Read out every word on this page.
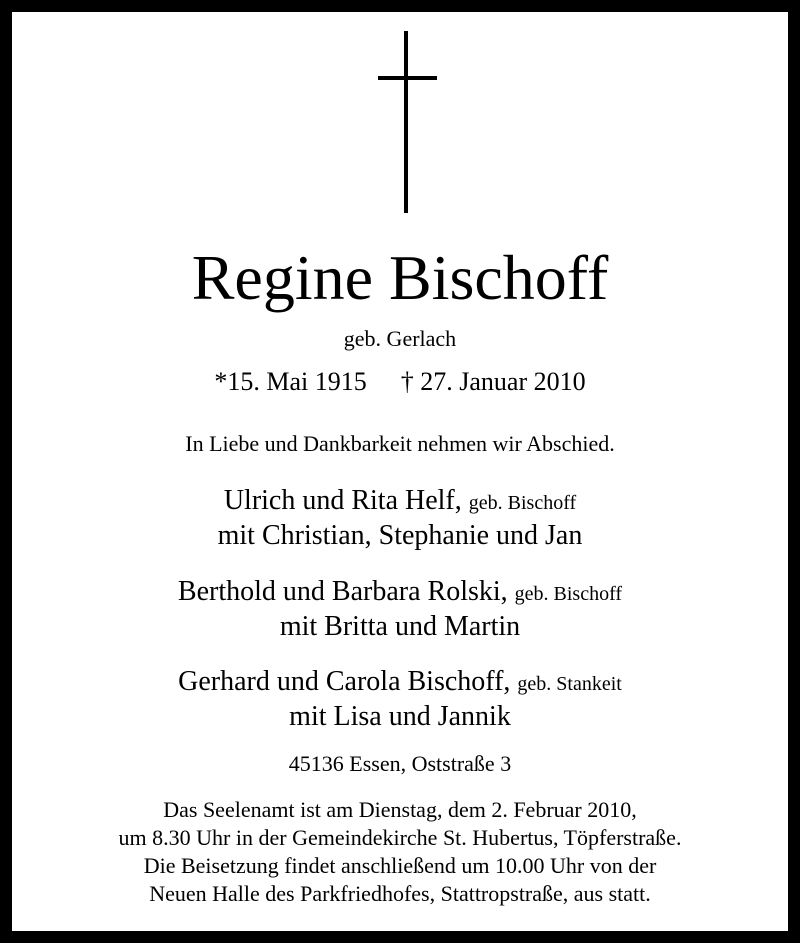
Regine Bischoff
geb. Gerlach
*15. Mai 1915 † 27. Januar 2010
In Liebe und Dankbarkeit nehmen wir Abschied.
Ulrich und Rita Helf, geb. Bischoff
mit Christian, Stephanie und Jan
Berthold und Barbara Rolski, geb. Bischoff
mit Britta und Martin
Gerhard und Carola Bischoff, geb. Stankeit
mit Lisa und Jannik
45136 Essen, Oststraße 3
Das Seelenamt ist am Dienstag, dem 2. Februar 2010,
um 8.30 Uhr in der Gemeindekirche St. Hubertus, Töpferstraße.
Die Beisetzung findet anschließend um 10.00 Uhr von der
Neuen Halle des Parkfriedhofes, Stattropstraße, aus statt.
